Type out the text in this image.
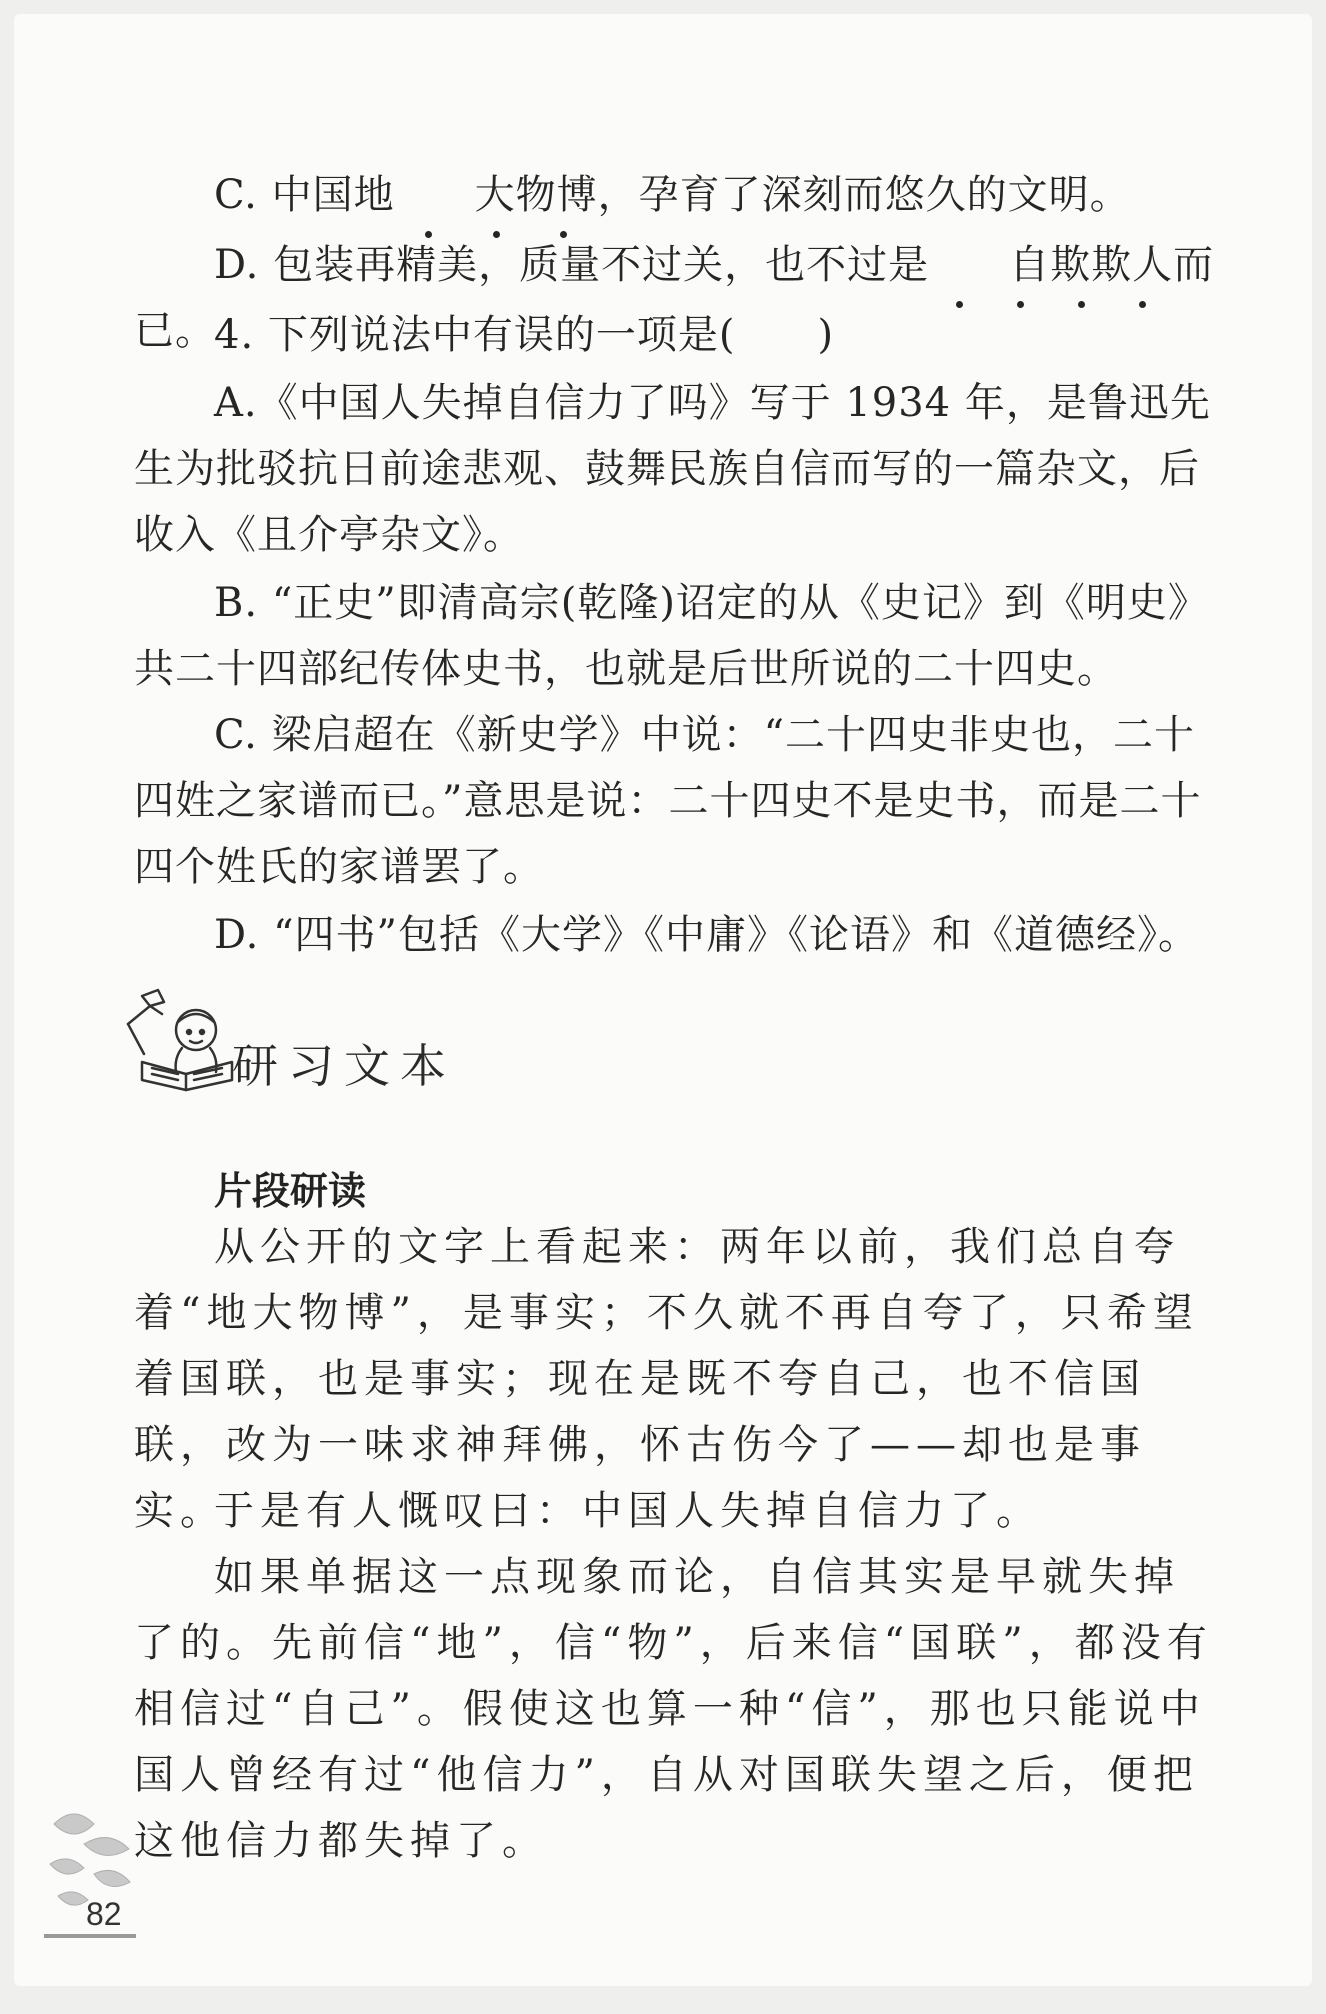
C. 中国地 大物博
，孕育了深刻而悠久的文明。

D. 包装再精美，质量不过关，也不过是 自欺欺人
而已。

4. 下列说法中有误的一项是(　　)

A.《中国人失掉自信力了吗》写于 1934 年，是鲁迅先生为批驳抗日前途悲观、鼓舞民族自信而写的一篇杂文，后收入《且介亭杂文》。

B. “正史”即清高宗(乾隆)诏定的从《史记》到《明史》共二十四部纪传体史书，也就是后世所说的二十四史。

C. 梁启超在《新史学》中说：“二十四史非史也，二十四姓之家谱而已。”意思是说：二十四史不是史书，而是二十四个姓氏的家谱罢了。

D. “四书”包括《大学》《中庸》《论语》和《道德经》。

研习文本
片段研读

从公开的文字上看起来：两年以前，我们总自夸着“地大物博”，是事实；不久就不再自夸了，只希望着国联，也是事实；现在是既不夸自己，也不信国联，改为一味求神拜佛，怀古伤今了——却也是事实。

于是有人慨叹曰：中国人失掉自信力了。

如果单据这一点现象而论，自信其实是早就失掉了的。先前信“地”，信“物”，后来信“国联”，都没有相信过“自己”。假使这也算一种“信”，那也只能说中国人曾经有过“他信力”，自从对国联失望之后，便把这他信力都失掉了。

82
